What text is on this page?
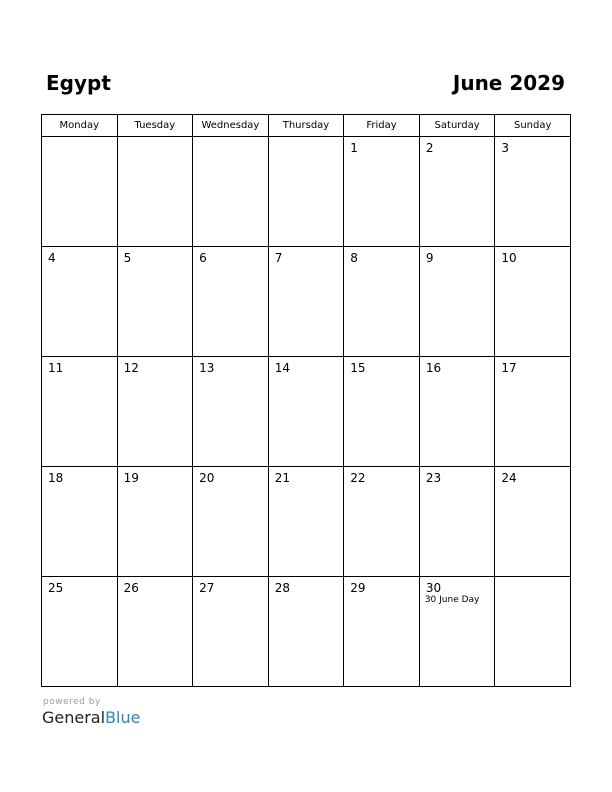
Egypt	June 2029
Monday	Tuesday	Wednesday	Thursday	Friday	Saturday	Sunday

				1	2	3

4	5	6	7	8	9	10

11	12	13	14	15	16	17

18	19	20	21	22	23	24

25	26	27	28	29	30
30 June Day	

powered by
GeneralBlue
